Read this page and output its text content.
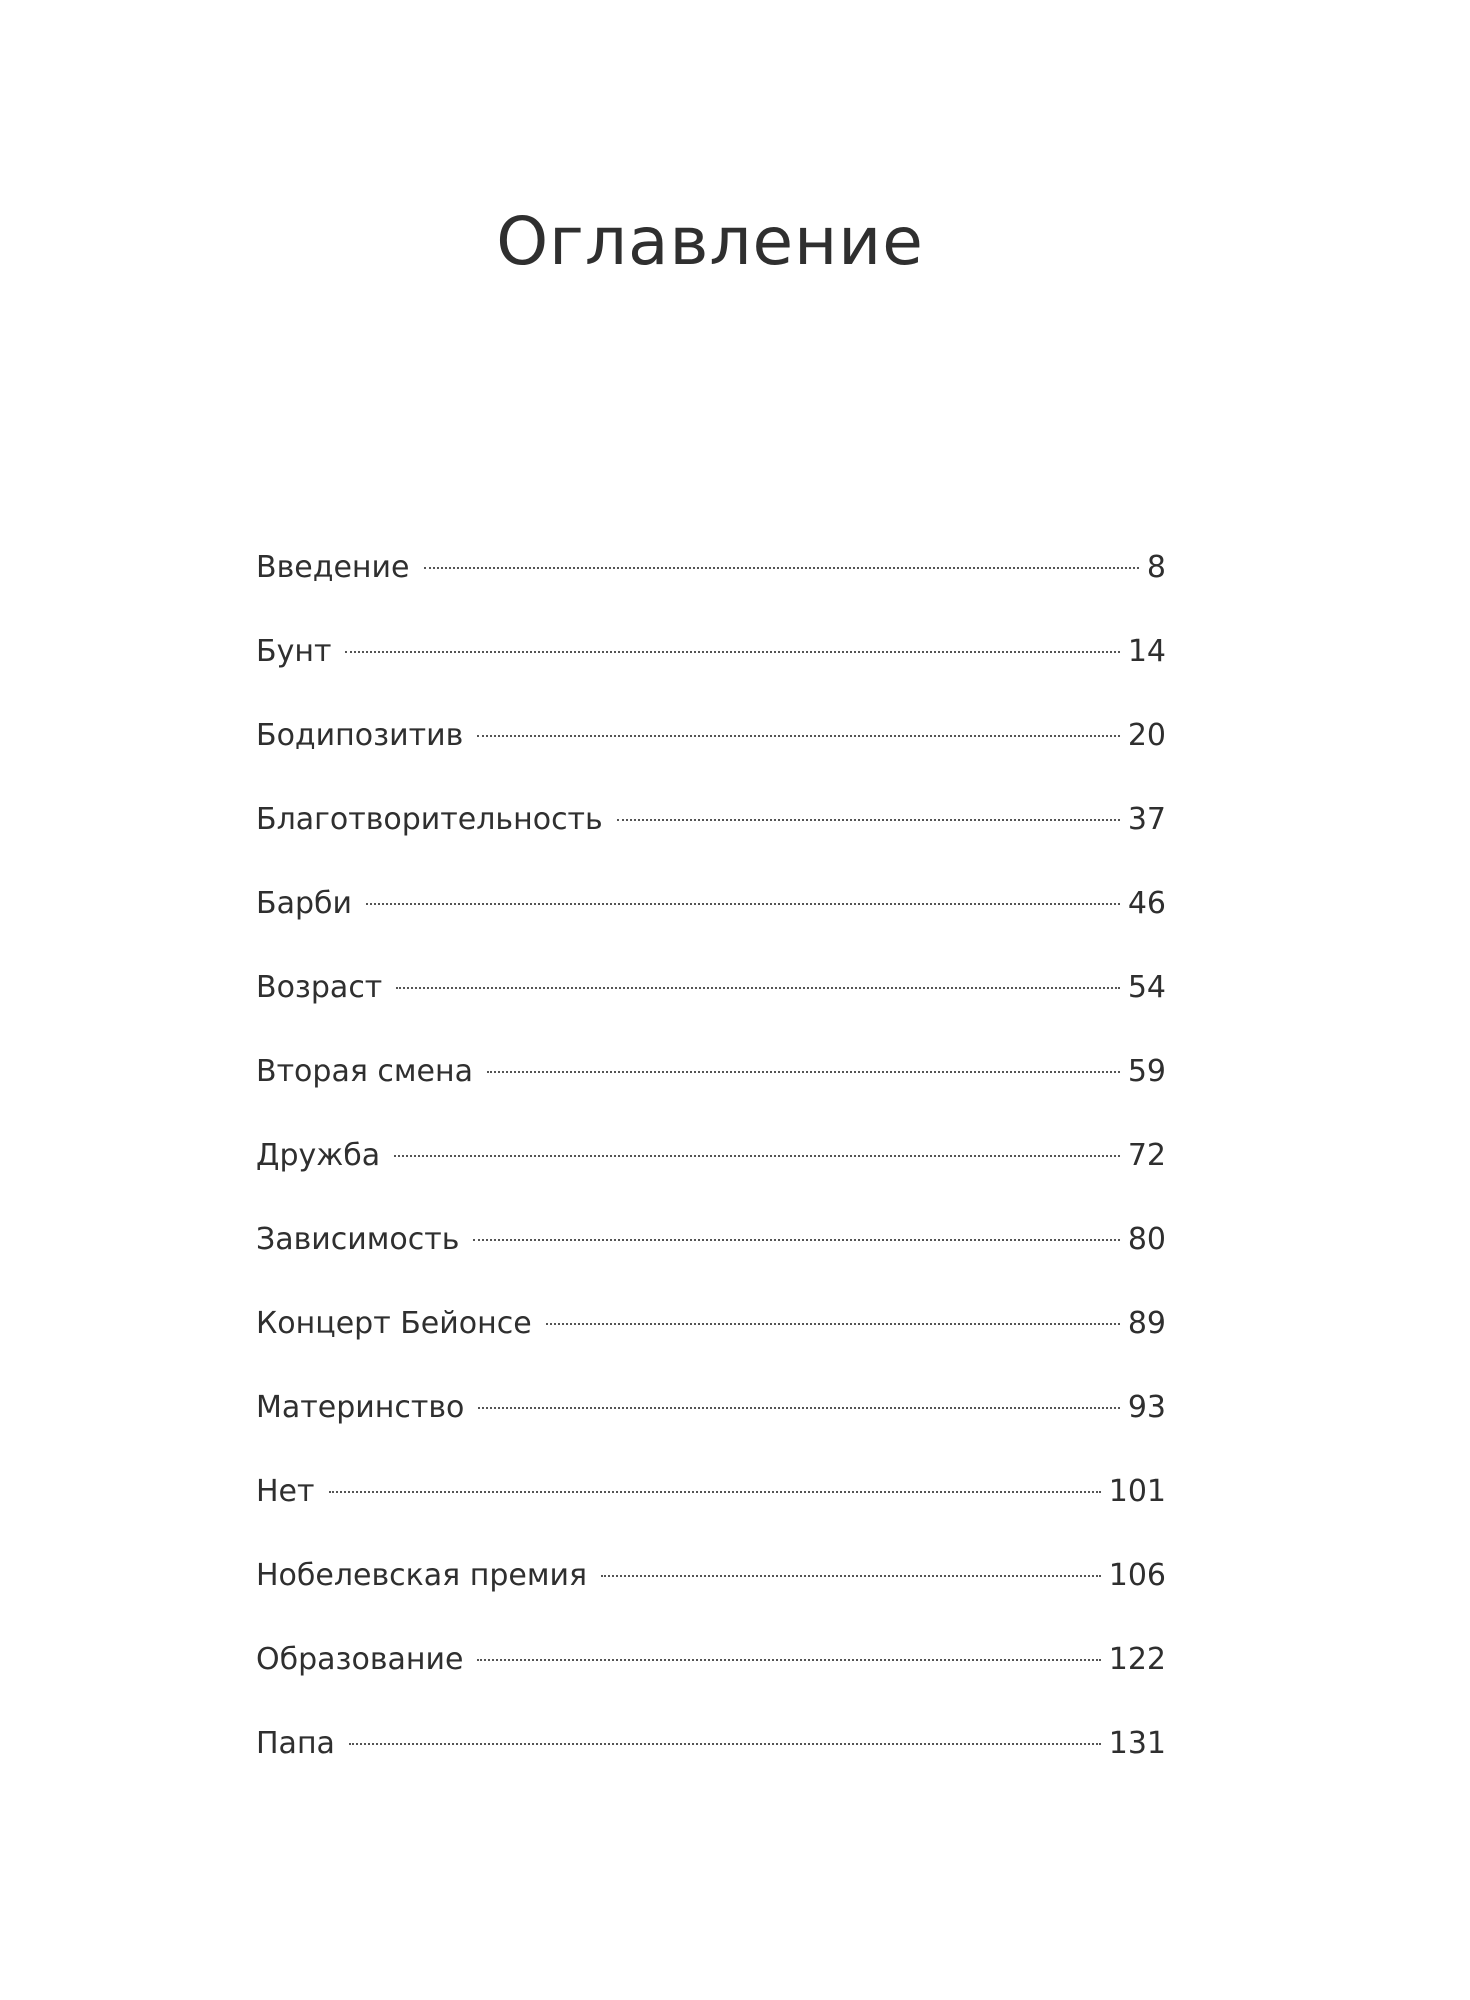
Оглавление
Введение	8
Бунт	14
Бодипозитив	20
Благотворительность	37
Барби	46
Возраст	54
Вторая смена	59
Дружба	72
Зависимость	80
Концерт Бейонсе	89
Материнство	93
Нет	101
Нобелевская премия	106
Образование	122
Папа	131
